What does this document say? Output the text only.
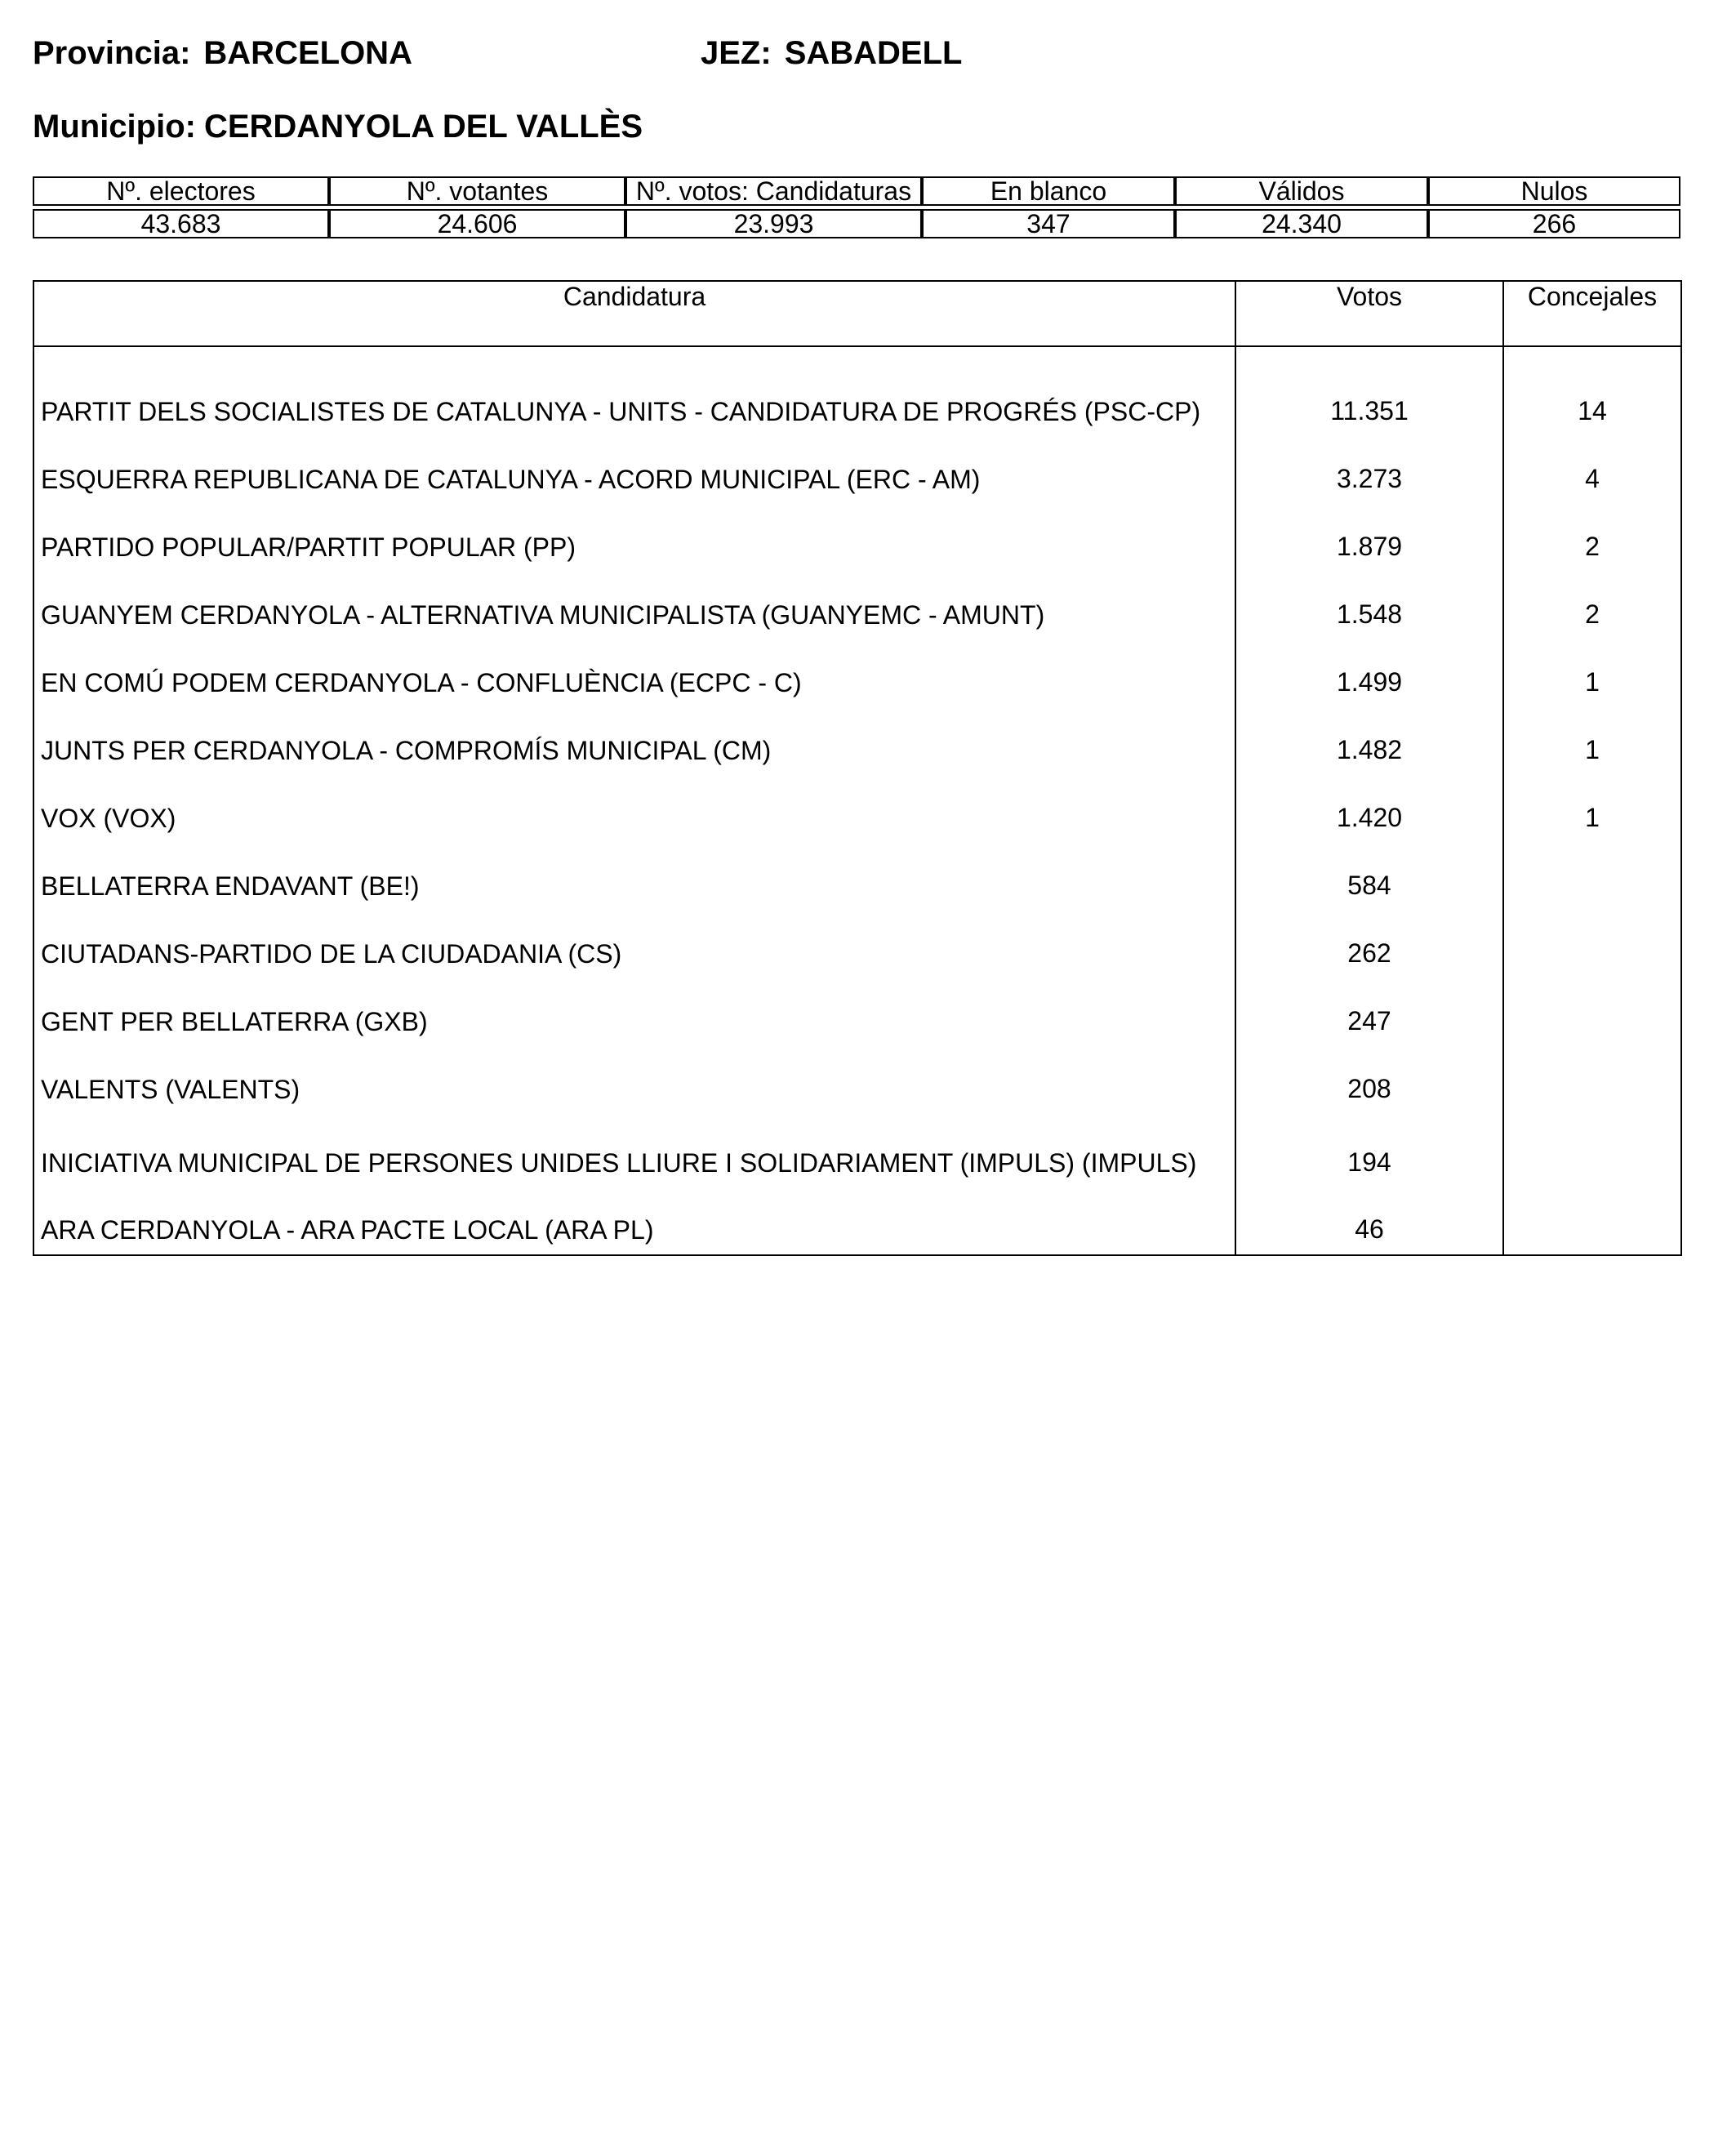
Provincia: BARCELONA	JEZ: SABADELL
Municipio: CERDANYOLA DEL VALLÈS
Nº. electores	Nº. votantes	Nº. votos: Candidaturas	En blanco	Válidos	Nulos

43.683	24.606	23.993	347	24.340	266
Candidatura	Votos	Concejales
PARTIT DELS SOCIALISTES DE CATALUNYA - UNITS - CANDIDATURA DE PROGRÉS (PSC-CP)	11.351	14
ESQUERRA REPUBLICANA DE CATALUNYA - ACORD MUNICIPAL (ERC - AM)	3.273	4
PARTIDO POPULAR/PARTIT POPULAR (PP)	1.879	2
GUANYEM CERDANYOLA - ALTERNATIVA MUNICIPALISTA (GUANYEMC - AMUNT)	1.548	2
EN COMÚ PODEM CERDANYOLA - CONFLUÈNCIA (ECPC - C)	1.499	1
JUNTS PER CERDANYOLA - COMPROMÍS MUNICIPAL (CM)	1.482	1
VOX (VOX)	1.420	1
BELLATERRA ENDAVANT (BE!)	584	
CIUTADANS-PARTIDO DE LA CIUDADANIA (CS)	262	
GENT PER BELLATERRA (GXB)	247	
VALENTS (VALENTS)	208	
INICIATIVA MUNICIPAL DE PERSONES UNIDES LLIURE I SOLIDARIAMENT (IMPULS) (IMPULS)	194	
ARA CERDANYOLA - ARA PACTE LOCAL (ARA PL)	46	
